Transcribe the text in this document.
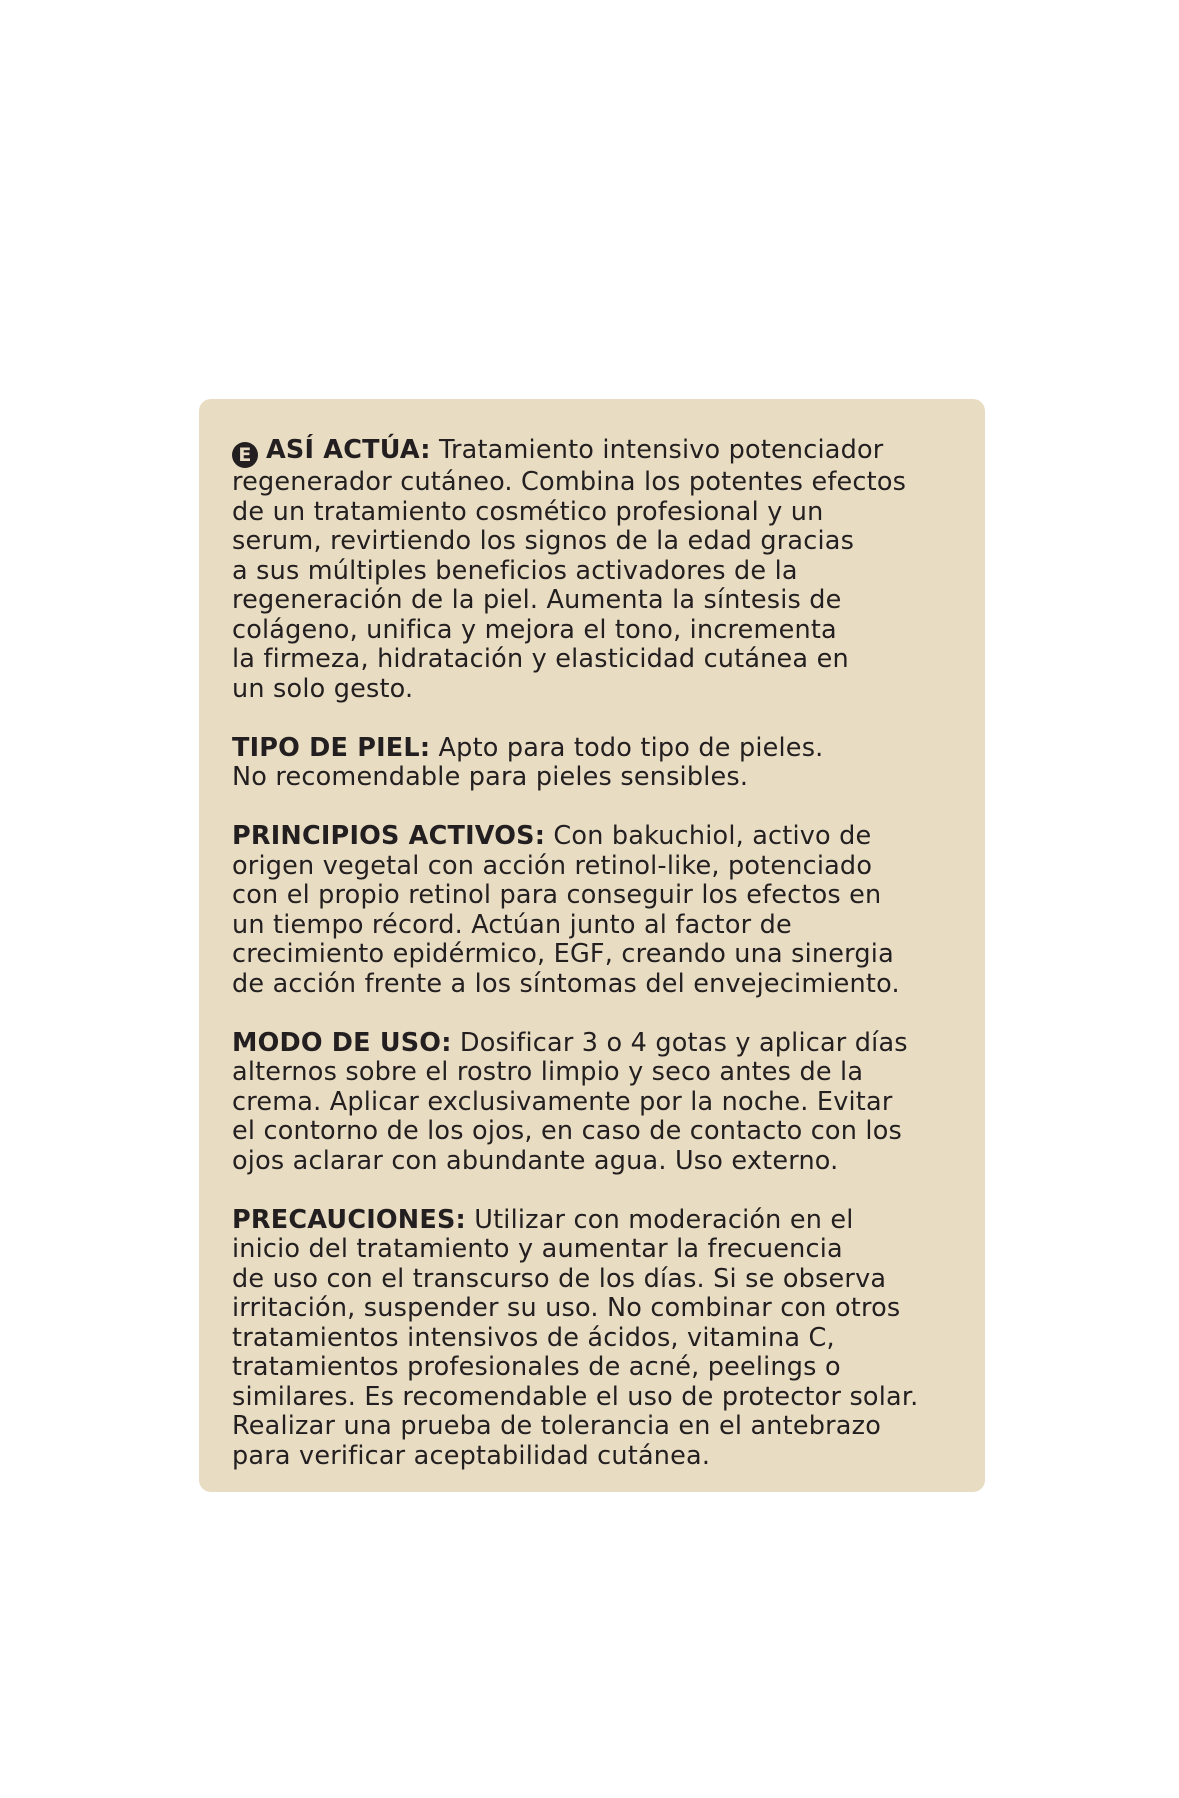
E ASÍ ACTÚA: Tratamiento intensivo potenciador
regenerador cutáneo. Combina los potentes efectos
de un tratamiento cosmético profesional y un
serum, revirtiendo los signos de la edad gracias
a sus múltiples beneficios activadores de la
regeneración de la piel. Aumenta la síntesis de
colágeno, unifica y mejora el tono, incrementa
la firmeza, hidratación y elasticidad cutánea en
un solo gesto.
TIPO DE PIEL: Apto para todo tipo de pieles.
No recomendable para pieles sensibles.
PRINCIPIOS ACTIVOS: Con bakuchiol, activo de
origen vegetal con acción retinol-like, potenciado
con el propio retinol para conseguir los efectos en
un tiempo récord. Actúan junto al factor de
crecimiento epidérmico, EGF, creando una sinergia
de acción frente a los síntomas del envejecimiento.
MODO DE USO: Dosificar 3 o 4 gotas y aplicar días
alternos sobre el rostro limpio y seco antes de la
crema. Aplicar exclusivamente por la noche. Evitar
el contorno de los ojos, en caso de contacto con los
ojos aclarar con abundante agua. Uso externo.
PRECAUCIONES: Utilizar con moderación en el
inicio del tratamiento y aumentar la frecuencia
de uso con el transcurso de los días. Si se observa
irritación, suspender su uso. No combinar con otros
tratamientos intensivos de ácidos, vitamina C,
tratamientos profesionales de acné, peelings o
similares. Es recomendable el uso de protector solar.
Realizar una prueba de tolerancia en el antebrazo
para verificar aceptabilidad cutánea.
